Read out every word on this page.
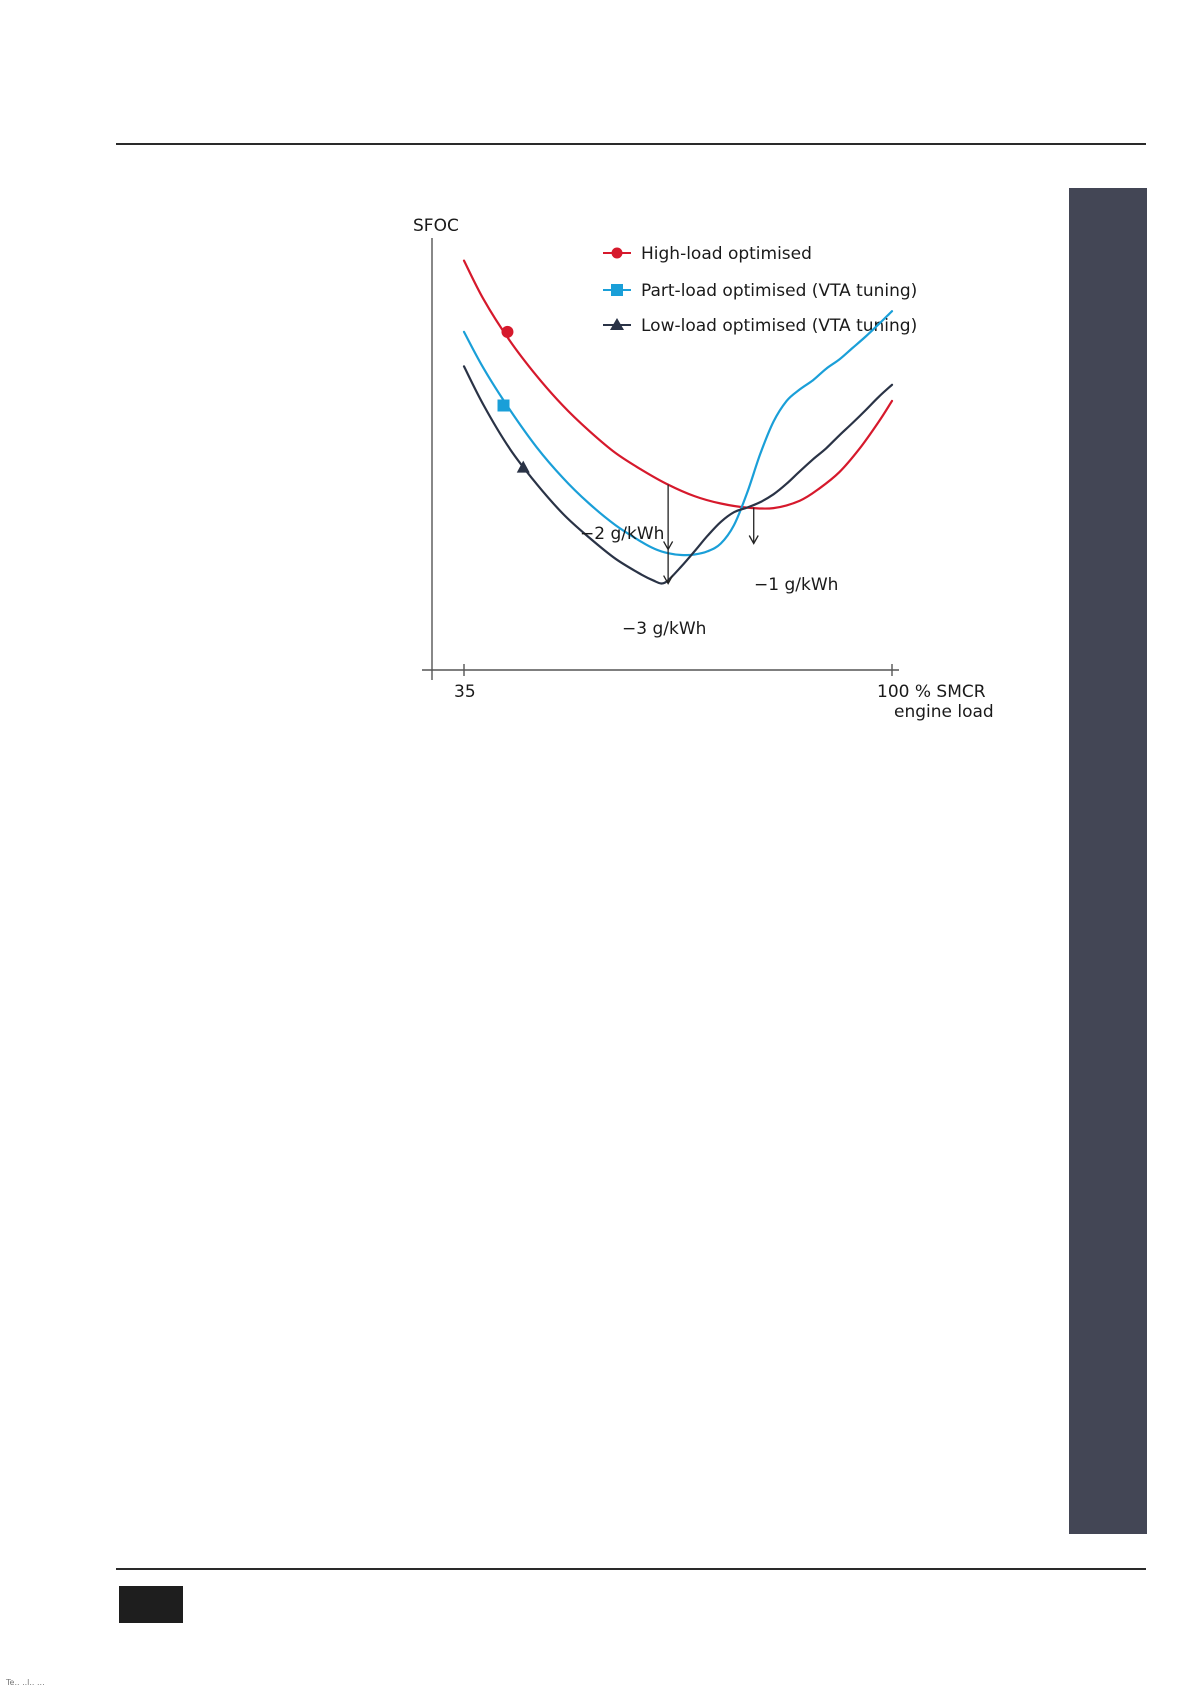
SFOC
35	100 % SMCR
engine load
High-load optimised
Part-load optimised (VTA tuning)
Low-load optimised (VTA tuning)
−2 g/kWh
−3 g/kWh
−1 g/kWh
Te.. ..l.. ...
